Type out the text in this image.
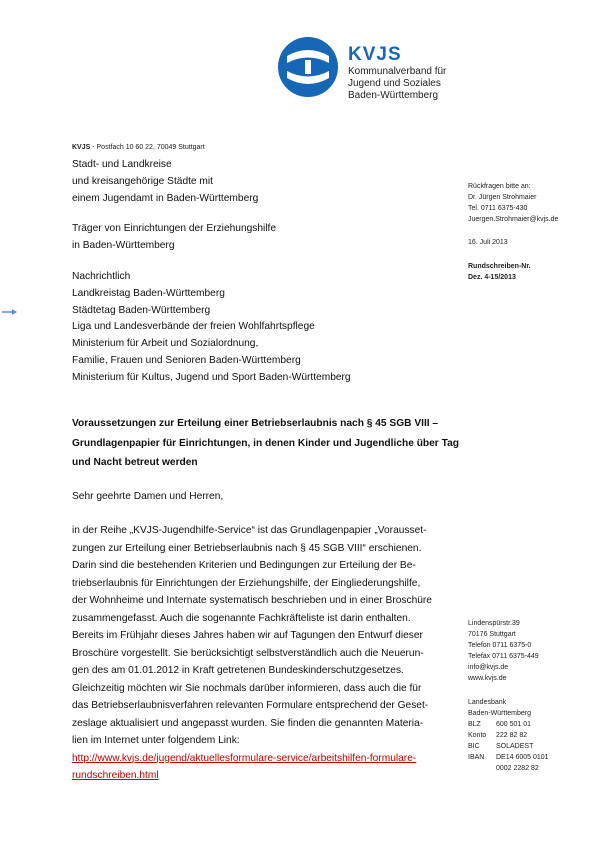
KVJS
Kommunalverband für
Jugend und Soziales
Baden-Württemberg
KVJS - Postfach 10 60 22, 70049 Stuttgart
Stadt- und Landkreise
und kreisangehörige Städte mit
einem Jugendamt in Baden-Württemberg
Träger von Einrichtungen der Erziehungshilfe
in Baden-Württemberg
Nachrichtlich
Landkreistag Baden-Württemberg
Städtetag Baden-Württemberg
Liga und Landesverbände der freien Wohlfahrtspflege
Ministerium für Arbeit und Sozialordnung,
Familie, Frauen und Senioren Baden-Württemberg
Ministerium für Kultus, Jugend und Sport Baden-Württemberg
Rückfragen bitte an:
Dr. Jürgen Strohmaier
Tel. 0711 6375-430
Juergen.Strohmaier@kvjs.de
16. Juli 2013
Rundschreiben-Nr.
Dez. 4-15/2013
Voraussetzungen zur Erteilung einer Betriebserlaubnis nach § 45 SGB VIII – Grundlagenpapier für Einrichtungen, in denen Kinder und Jugendliche über Tag und Nacht betreut werden
Sehr geehrte Damen und Herren,
in der Reihe „KVJS-Jugendhilfe-Service“ ist das Grundlagenpapier „Vorausset-
zungen zur Erteilung einer Betriebserlaubnis nach § 45 SGB VIII“ erschienen.
Darin sind die bestehenden Kriterien und Bedingungen zur Erteilung der Be-
triebserlaubnis für Einrichtungen der Erziehungshilfe, der Eingliederungshilfe,
der Wohnheime und Internate systematisch beschrieben und in einer Broschüre
zusammengefasst. Auch die sogenannte Fachkräfteliste ist darin enthalten.
Bereits im Frühjahr dieses Jahres haben wir auf Tagungen den Entwurf dieser
Broschüre vorgestellt. Sie berücksichtigt selbstverständlich auch die Neuerun-
gen des am 01.01.2012 in Kraft getretenen Bundeskinderschutzgesetzes.
Gleichzeitig möchten wir Sie nochmals darüber informieren, dass auch die für
das Betriebserlaubnisverfahren relevanten Formulare entsprechend der Geset-
zeslage aktualisiert und angepasst wurden. Sie finden die genannten Materia-
lien im Internet unter folgendem Link:
http://www.kvjs.de/jugend/aktuellesformulare-service/arbeitshilfen-formulare-
rundschreiben.html
Lindenspürstr.39
70176 Stuttgart
Telefon 0711 6375-0
Telefax 0711 6375-449
info@kvjs.de
www.kvjs.de
Landesbank
Baden-Württemberg
BLZ 600 501 01
Konto 222 82 82
BIC SOLADEST
IBAN DE14 6005 0101
0002 2282 82
